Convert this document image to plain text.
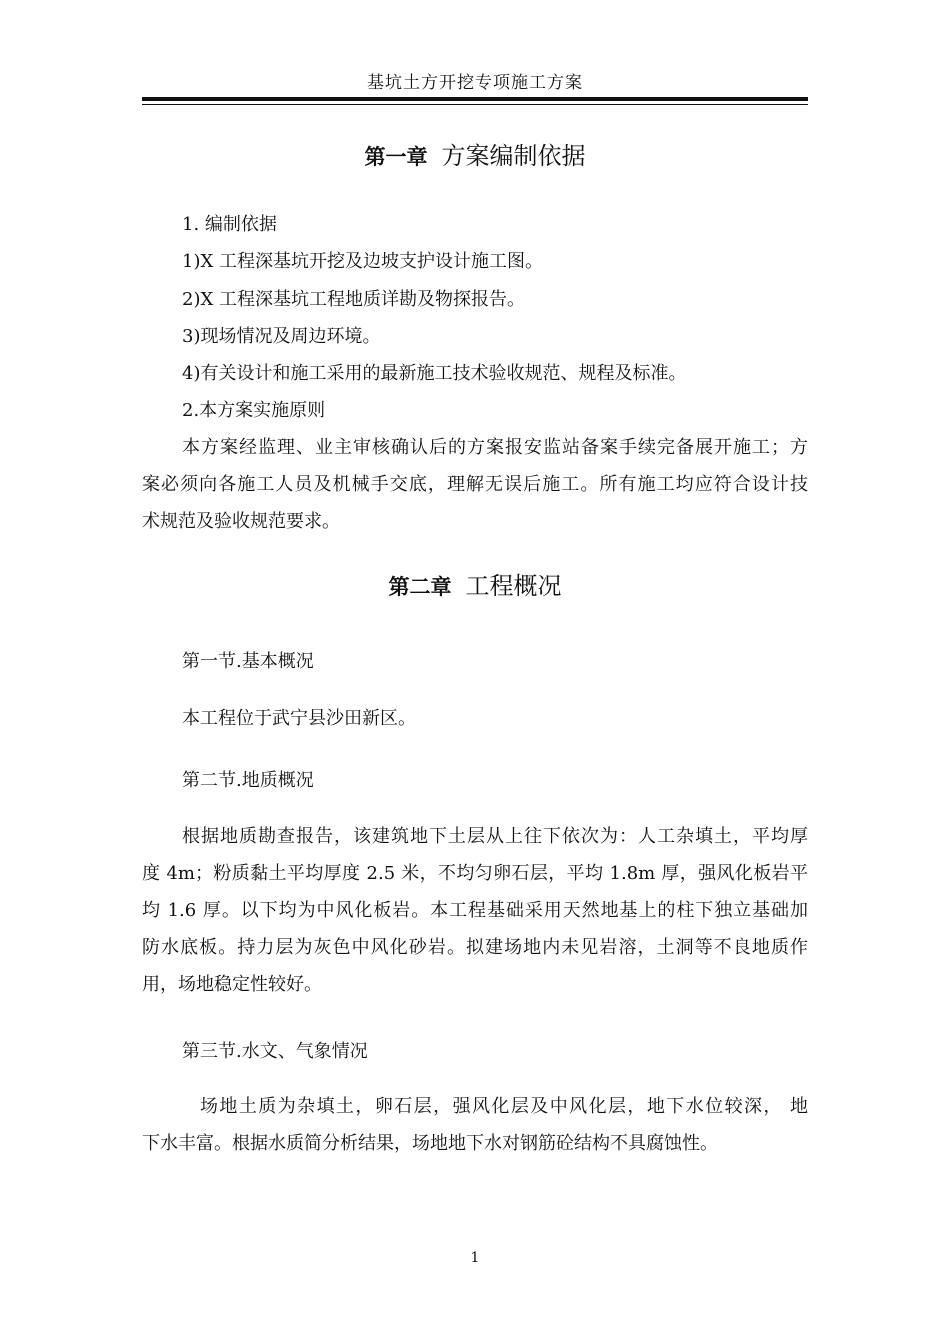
基坑土方开挖专项施工方案
第一章 方案编制依据
1. 编制依据
1)X 工程深基坑开挖及边坡支护设计施工图。
2)X 工程深基坑工程地质详勘及物探报告。
3)现场情况及周边环境。
4)有关设计和施工采用的最新施工技术验收规范、规程及标准。
2.本方案实施原则
本方案经监理、业主审核确认后的方案报安监站备案手续完备展开施工；方
案必须向各施工人员及机械手交底，理解无误后施工。所有施工均应符合设计技
术规范及验收规范要求。
第二章 工程概况
第一节.基本概况
本工程位于武宁县沙田新区。
第二节.地质概况
根据地质勘查报告，该建筑地下土层从上往下依次为：人工杂填土，平均厚
度 4m；粉质黏土平均厚度 2.5 米，不均匀卵石层，平均 1.8m 厚，强风化板岩平
均 1.6 厚。以下均为中风化板岩。本工程基础采用天然地基上的柱下独立基础加
防水底板。持力层为灰色中风化砂岩。拟建场地内未见岩溶，土洞等不良地质作
用，场地稳定性较好。
第三节.水文、气象情况
场地土质为杂填土，卵石层，强风化层及中风化层，地下水位较深， 地
下水丰富。根据水质简分析结果，场地地下水对钢筋砼结构不具腐蚀性。
1
